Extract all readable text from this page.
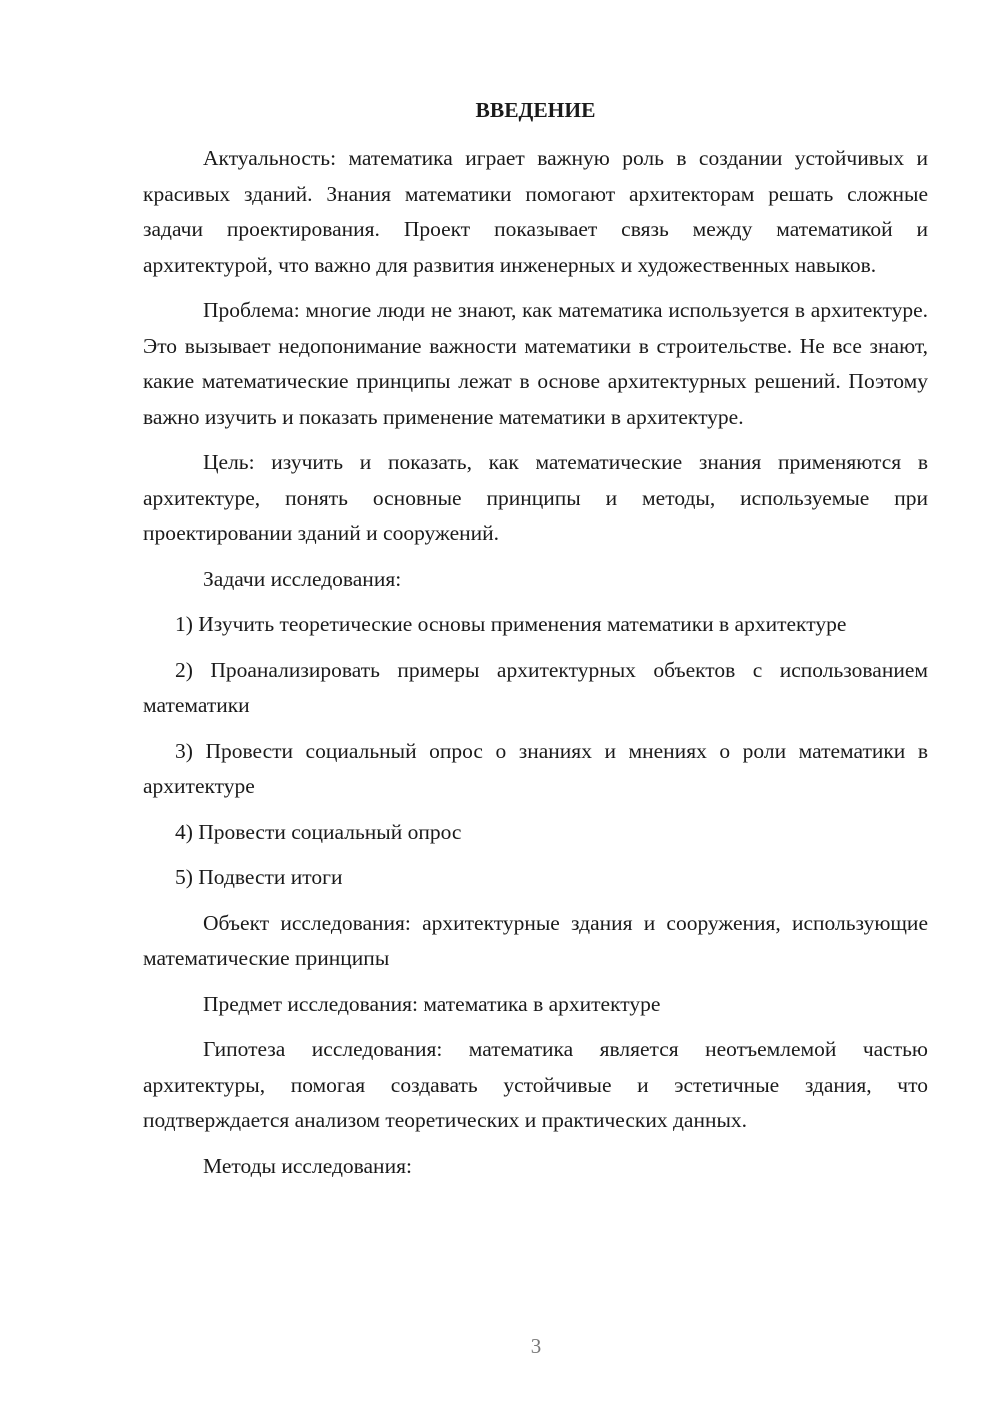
ВВЕДЕНИЕ

Актуальность: математика играет важную роль в создании устойчивых и красивых зданий. Знания математики помогают архитекторам решать сложные задачи проектирования. Проект показывает связь между математикой и архитектурой, что важно для развития инженерных и художественных навыков.

Проблема: многие люди не знают, как математика используется в архитектуре. Это вызывает недопонимание важности математики в строительстве. Не все знают, какие математические принципы лежат в основе архитектурных решений. Поэтому важно изучить и показать применение математики в архитектуре.

Цель: изучить и показать, как математические знания применяются в архитектуре, понять основные принципы и методы, используемые при проектировании зданий и сооружений.

Задачи исследования:

1) Изучить теоретические основы применения математики в архитектуре

2) Проанализировать примеры архитектурных объектов с использованием математики

3) Провести социальный опрос о знаниях и мнениях о роли математики в архитектуре

4) Провести социальный опрос

5) Подвести итоги

Объект исследования: архитектурные здания и сооружения, использующие математические принципы

Предмет исследования: математика в архитектуре

Гипотеза исследования: математика является неотъемлемой частью архитектуры, помогая создавать устойчивые и эстетичные здания, что подтверждается анализом теоретических и практических данных.

Методы исследования:

3
